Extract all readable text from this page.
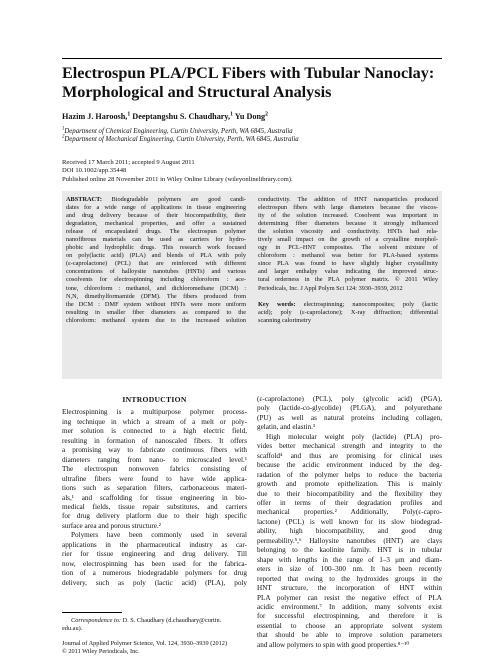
Electrospun PLA/PCL Fibers with Tubular Nanoclay:
Morphological and Structural Analysis
Hazim J. Haroosh,$^1$ Deeptangshu S. Chaudhary,$^1$ Yu Dong$^2$
$^1$Department of Chemical Engineering, Curtin University, Perth, WA 6845, Australia
$^2$Department of Mechanical Engineering, Curtin University, Perth, WA 6845, Australia
Received 17 March 2011; accepted 9 August 2011
DOI 10.1002/app.35448
Published online 28 November 2011 in Wiley Online Library (wileyonlinelibrary.com).
ABSTRACT: Biodegradable polymers are good candi-
dates for a wide range of applications in tissue engineering
and drug delivery because of their biocompatibility, their
degradation, mechanical properties, and offer a sustained
release of encapsulated drugs. The electrospun polymer
nanofibrous materials can be used as carriers for hydro-
phobic and hydrophilic drugs. This research work focused
on poly(lactic acid) (PLA) and blends of PLA with poly
(ε-caprolactone) (PCL) that are reinforced with different
concentrations of halloysite nanotubes (HNTs) and various
cosolvents for electrospinning including chloroform : ace-
tone, chloroform : methanol, and dichloromethane (DCM) :
N,N, dimethylformamide (DFM). The fibers produced from
the DCM : DMF system without HNTs were more uniform
resulting in smaller fiber diameters as compared to the
chloroform: methanol system due to the increased solution
conductivity. The addition of HNT nanoparticles produced
electrospun fibers with large diameters because the viscos-
ity of the solution increased. Cosolvent was important in
determining fiber diameters because it strongly influenced
the solution viscosity and conductivity. HNTs had rela-
tively small impact on the growth of a crystalline morphol-
ogy in PCL–HNT composites. The solvent mixture of
chloroform : methanol was better for PLA-based systems
since PLA was found to have slightly higher crystallinity
and larger enthalpy value indicating the improved struc-
tural orderness in the PLA polymer matrix. © 2011 Wiley
Periodicals, Inc. J Appl Polym Sci 124: 3930–3939, 2012
Key words: electrospinning; nanocomposites; poly (lactic
acid); poly (ε-caprolactone); X-ray diffraction; differential
scanning calorimetry
INTRODUCTION
Electrospinning is a multipurpose polymer process-
ing technique in which a stream of a melt or poly-
mer solution is connected to a high electric field,
resulting in formation of nanoscaled fibers. It offers
a promising way to fabricate continuous fibers with
diameters ranging from nano- to microscaled level.¹
The electrospun nonwoven fabrics consisting of
ultrafine fibers were found to have wide applica-
tions such as separation filters, carbonaceous materi-
als,¹ and scaffolding for tissue engineering in bio-
medical fields, tissue repair substitutes, and carriers
for drug delivery platform due to their high specific
surface area and porous structure.²
Polymers have been commonly used in several
applications in the pharmaceutical industry as car-
rier for tissue engineering and drug delivery. Till
now, electrospinning has been used for the fabrica-
tion of a numerous biodegradable polymers for drug
delivery, such as poly (lactic acid) (PLA), poly
(ε-caprolactone) (PCL), poly (glycolic acid) (PGA),
poly (lactide-co-glycolide) (PLGA), and polyurethane
(PU) as well as natural proteins including collagen,
gelatin, and elastin.³
High molecular weight poly (lactide) (PLA) pro-
vides better mechanical strength and integrity to the
scaffold⁴ and thus are promising for clinical uses
because the acidic environment induced by the deg-
radation of the polymer helps to reduce the bacteria
growth and promote epithelization. This is mainly
due to their biocompatibility and the flexibility they
offer in terms of their degradation profiles and
mechanical properties.² Additionally, Poly(ε-capro-
lactone) (PCL) is well known for its slow biodegrad-
ability, high biocompatibility, and good drug
permeability.⁵,⁶ Halloysite nanotubes (HNT) are clays
belonging to the kaolinite family. HNT is in tubular
shape with lengths in the range of 1–3 μm and diam-
eters in size of 100–300 nm. It has been recently
reported that owing to the hydroxides groups in the
HNT structure, the incorporation of HNT within
PLA polymer can resist the negative effect of PLA
acidic environment.⁷ In addition, many solvents exist
for successful electrospinning, and therefore it is
essential to choose an appropriate solvent system
that should be able to improve solution parameters
and allow polymers to spin with good properties.⁸⁻¹⁰
Correspondence to: D. S. Chaudhary (d.chaudhary@curtin.
edu.au).
Journal of Applied Polymer Science, Vol. 124, 3930–3939 (2012)
© 2011 Wiley Periodicals, Inc.
